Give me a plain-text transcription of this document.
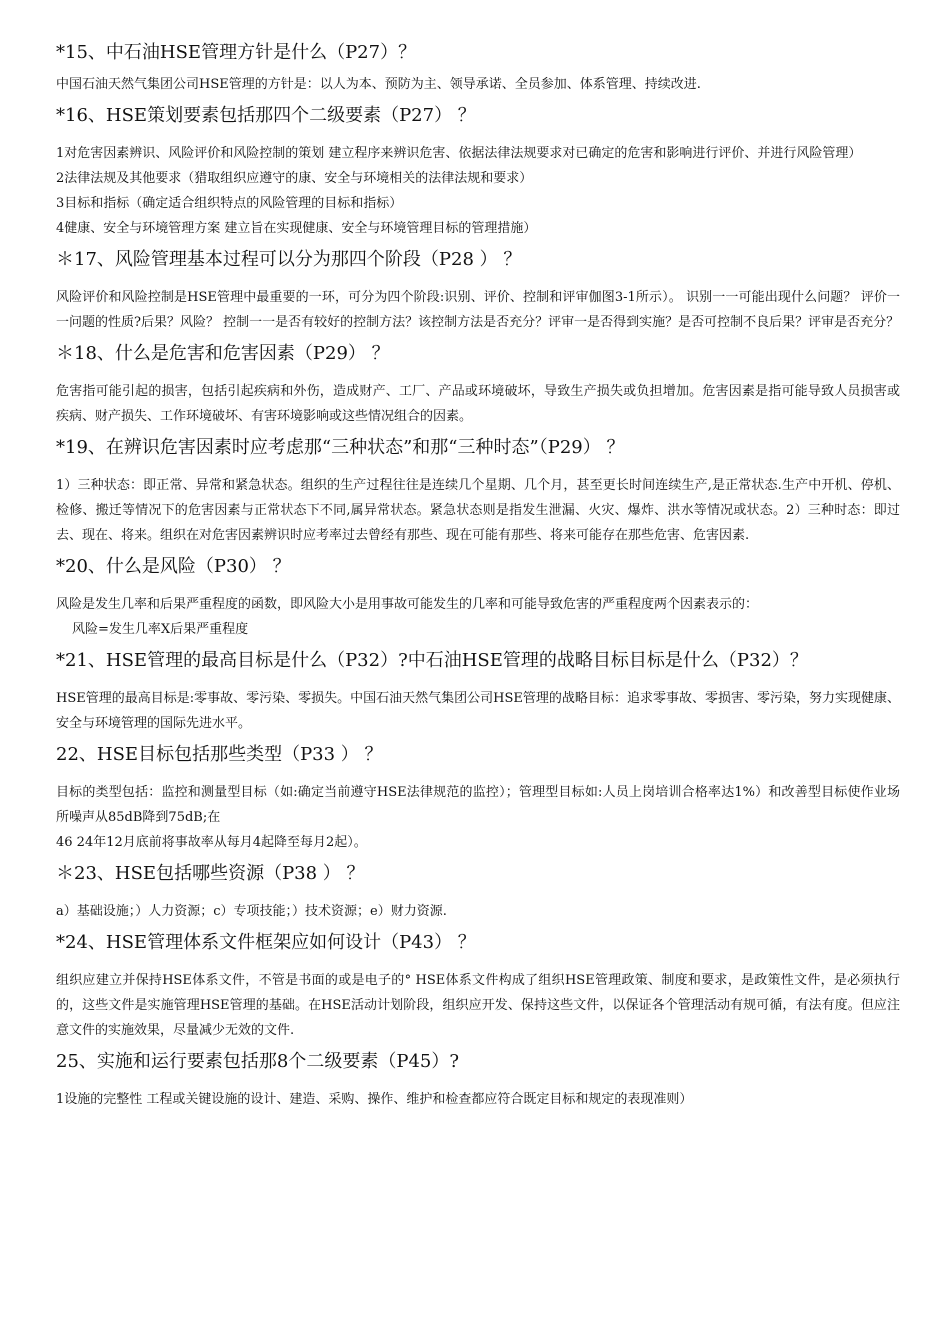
*15、中石油HSE管理方针是什么（P27）？

中国石油天然气集团公司HSE管理的方针是：以人为本、预防为主、领导承诺、全员参加、体系管理、持续改进.

*16、HSE策划要素包括那四个二级要素（P27） ？

1对危害因素辨识、风险评价和风险控制的策划 建立程序来辨识危害、依据法律法规要求对已确定的危害和影响进行评价、并进行风险管理）

2法律法规及其他要求（猎取组织应遵守的康、安全与环境相关的法律法规和要求）

3目标和指标（确定适合组织特点的风险管理的目标和指标）

4健康、安全与环境管理方案 建立旨在实现健康、安全与环境管理目标的管理措施）

＊17、风险管理基本过程可以分为那四个阶段（P28 ） ？

风险评价和风险控制是HSE管理中最重要的一环，可分为四个阶段:识别、评价、控制和评审伽图3-1所示）。 识别一一可能出现什么问题？ 评价一一问题的性质?后果？风险？ 控制一一是否有较好的控制方法？该控制方法是否充分？评审一是否得到实施？是否可控制不良后果？评审是否充分？

＊18、什么是危害和危害因素（P29） ？

危害指可能引起的损害，包括引起疾病和外伤，造成财产、工厂、产品或环境破坏，导致生产损失或负担增加。危害因素是指可能导致人员损害或疾病、财产损失、工作环境破坏、有害环境影响或这些情况组合的因素。

*19、在辨识危害因素时应考虑那“三种状态”和那“三种时态”（P29） ？

1）三种状态：即正常、异常和紧急状态。组织的生产过程往往是连续几个星期、几个月，甚至更长时间连续生产,是正常状态.生产中开机、停机、检修、搬迁等情况下的危害因素与正常状态下不同,属异常状态。紧急状态则是指发生泄漏、火灾、爆炸、洪水等情况或状态。2）三种时态：即过去、现在、将来。组织在对危害因素辨识时应考率过去曾经有那些、现在可能有那些、将来可能存在那些危害、危害因素.

*20、什么是风险（P30） ？

风险是发生几率和后果严重程度的函数，即风险大小是用事故可能发生的几率和可能导致危害的严重程度两个因素表示的：

风险=发生几率X后果严重程度

*21、HSE管理的最高目标是什么（P32）?中石油HSE管理的战略目标目标是什么（P32）？

HSE管理的最高目标是:零事故、零污染、零损失。中国石油天然气集团公司HSE管理的战略目标：追求零事故、零损害、零污染，努力实现健康、安全与环境管理的国际先进水平。

22、HSE目标包括那些类型（P33 ） ？

目标的类型包括：监控和测量型目标（如:确定当前遵守HSE法律规范的监控）；管理型目标如:人员上岗培训合格率达1%）和改善型目标使作业场所噪声从85dB降到75dB;在

46 24年12月底前将事故率从每月4起降至每月2起）。

＊23、HSE包括哪些资源（P38 ） ？

a）基础设施；）人力资源；c）专项技能；）技术资源；e）财力资源.

*24、HSE管理体系文件框架应如何设计（P43） ？

组织应建立并保持HSE体系文件，不管是书面的或是电子的° HSE体系文件构成了组织HSE管理政策、制度和要求，是政策性文件，是必须执行的，这些文件是实施管理HSE管理的基础。在HSE活动计划阶段，组织应开发、保持这些文件，以保证各个管理活动有规可循，有法有度。但应注意文件的实施效果，尽量减少无效的文件.

25、实施和运行要素包括那8个二级要素（P45）?

1设施的完整性 工程或关键设施的设计、建造、采购、操作、维护和检查都应符合既定目标和规定的表现准则）
